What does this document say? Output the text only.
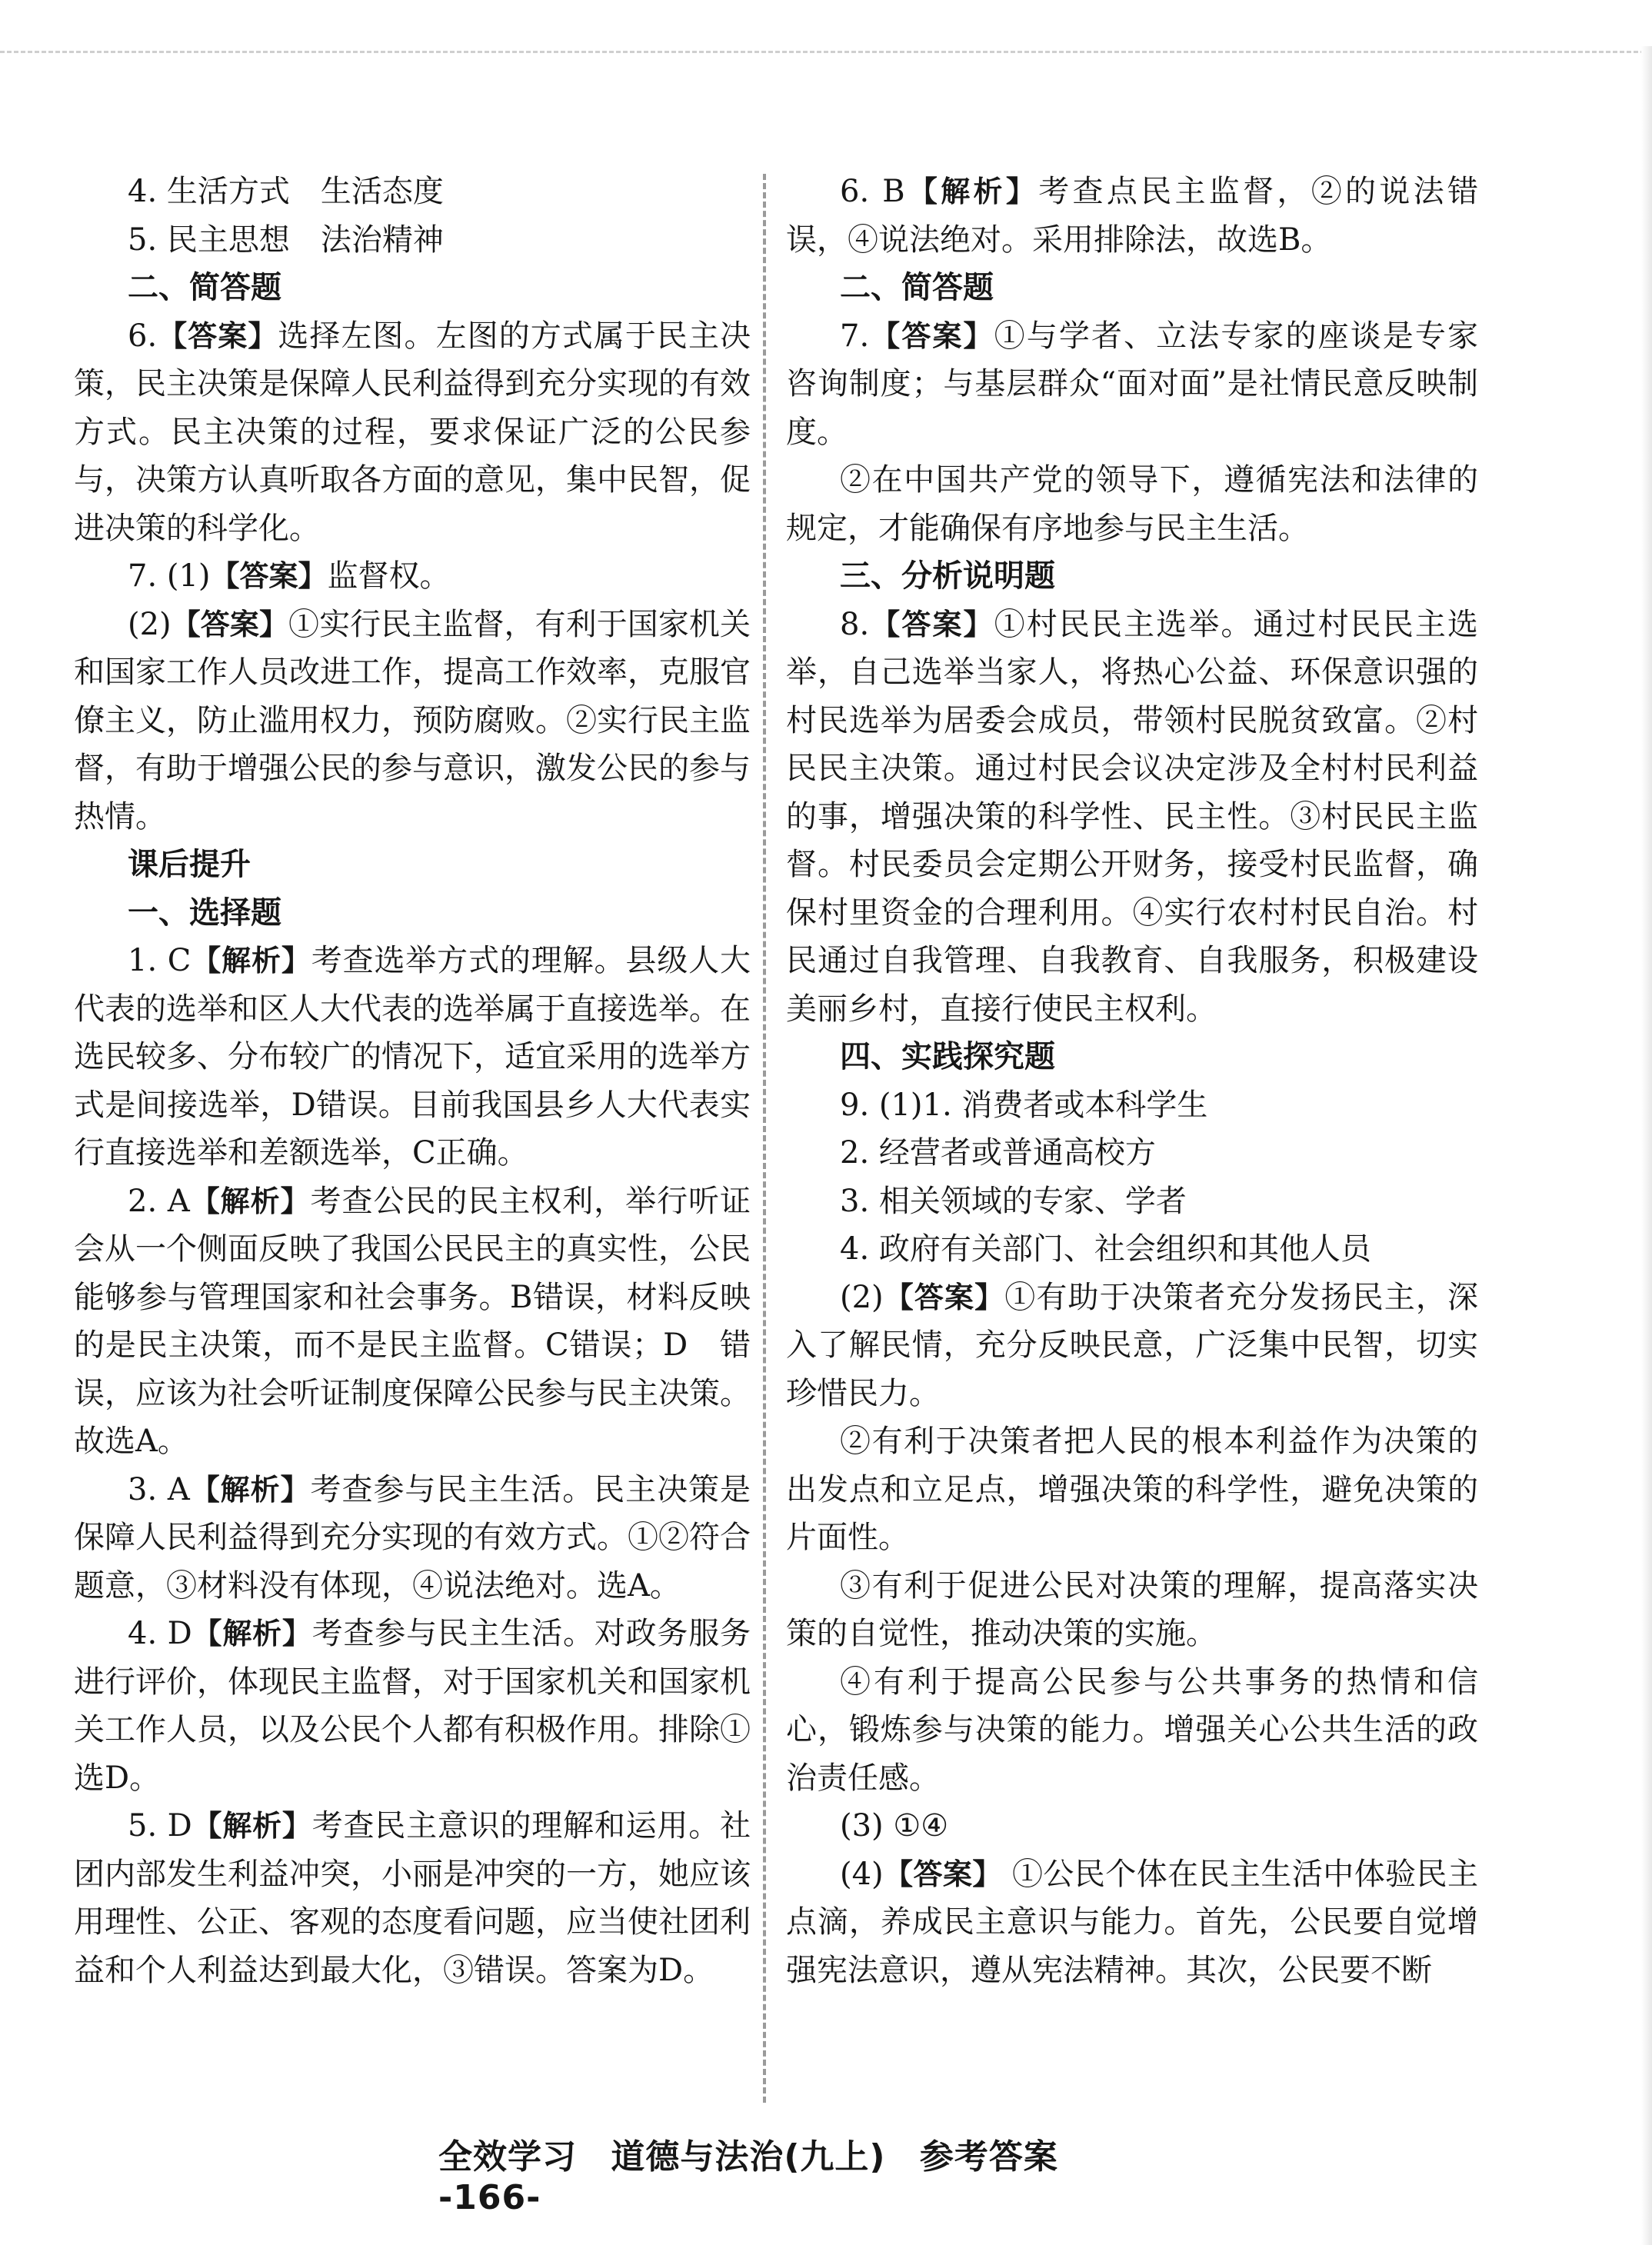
4. 生活方式　生活态度

5. 民主思想　法治精神

二、简答题

6.【答案】选择左图。左图的方式属于民主决策，民主决策是保障人民利益得到充分实现的有效方式。民主决策的过程，要求保证广泛的公民参与，决策方认真听取各方面的意见，集中民智，促进决策的科学化。

7. (1)【答案】监督权。

(2)【答案】①实行民主监督，有利于国家机关和国家工作人员改进工作，提高工作效率，克服官僚主义，防止滥用权力，预防腐败。②实行民主监督，有助于增强公民的参与意识，激发公民的参与热情。

课后提升

一、选择题

1. C【解析】考查选举方式的理解。县级人大代表的选举和区人大代表的选举属于直接选举。在选民较多、分布较广的情况下，适宜采用的选举方式是间接选举，D错误。目前我国县乡人大代表实行直接选举和差额选举，C正确。

2. A【解析】考查公民的民主权利，举行听证会从一个侧面反映了我国公民民主的真实性，公民能够参与管理国家和社会事务。B错误，材料反映的是民主决策，而不是民主监督。C错误；D　错误，应该为社会听证制度保障公民参与民主决策。故选A。

3. A【解析】考查参与民主生活。民主决策是保障人民利益得到充分实现的有效方式。①②符合题意，③材料没有体现，④说法绝对。选A。

4. D【解析】考查参与民主生活。对政务服务进行评价，体现民主监督，对于国家机关和国家机关工作人员，以及公民个人都有积极作用。排除①选D。

5. D【解析】考查民主意识的理解和运用。社团内部发生利益冲突，小丽是冲突的一方，她应该用理性、公正、客观的态度看问题，应当使社团利益和个人利益达到最大化，③错误。答案为D。

6. B【解析】考查点民主监督，②的说法错误，④说法绝对。采用排除法，故选B。

二、简答题

7.【答案】①与学者、立法专家的座谈是专家咨询制度；与基层群众“面对面”是社情民意反映制度。

②在中国共产党的领导下，遵循宪法和法律的规定，才能确保有序地参与民主生活。

三、分析说明题

8.【答案】①村民民主选举。通过村民民主选举，自己选举当家人，将热心公益、环保意识强的村民选举为居委会成员，带领村民脱贫致富。②村民民主决策。通过村民会议决定涉及全村村民利益的事，增强决策的科学性、民主性。③村民民主监督。村民委员会定期公开财务，接受村民监督，确保村里资金的合理利用。④实行农村村民自治。村民通过自我管理、自我教育、自我服务，积极建设美丽乡村，直接行使民主权利。

四、实践探究题

9. (1)1. 消费者或本科学生

2. 经营者或普通高校方

3. 相关领域的专家、学者

4. 政府有关部门、社会组织和其他人员

(2)【答案】①有助于决策者充分发扬民主，深入了解民情，充分反映民意，广泛集中民智，切实珍惜民力。

②有利于决策者把人民的根本利益作为决策的出发点和立足点，增强决策的科学性，避免决策的片面性。

③有利于促进公民对决策的理解，提高落实决策的自觉性，推动决策的实施。

④有利于提高公民参与公共事务的热情和信心，锻炼参与决策的能力。增强关心公共生活的政治责任感。

(3) ①④

(4)【答案】 ①公民个体在民主生活中体验民主点滴，养成民主意识与能力。首先，公民要自觉增强宪法意识，遵从宪法精神。其次，公民要不断

全效学习 道德与法治(九上) 参考答案 -166-
